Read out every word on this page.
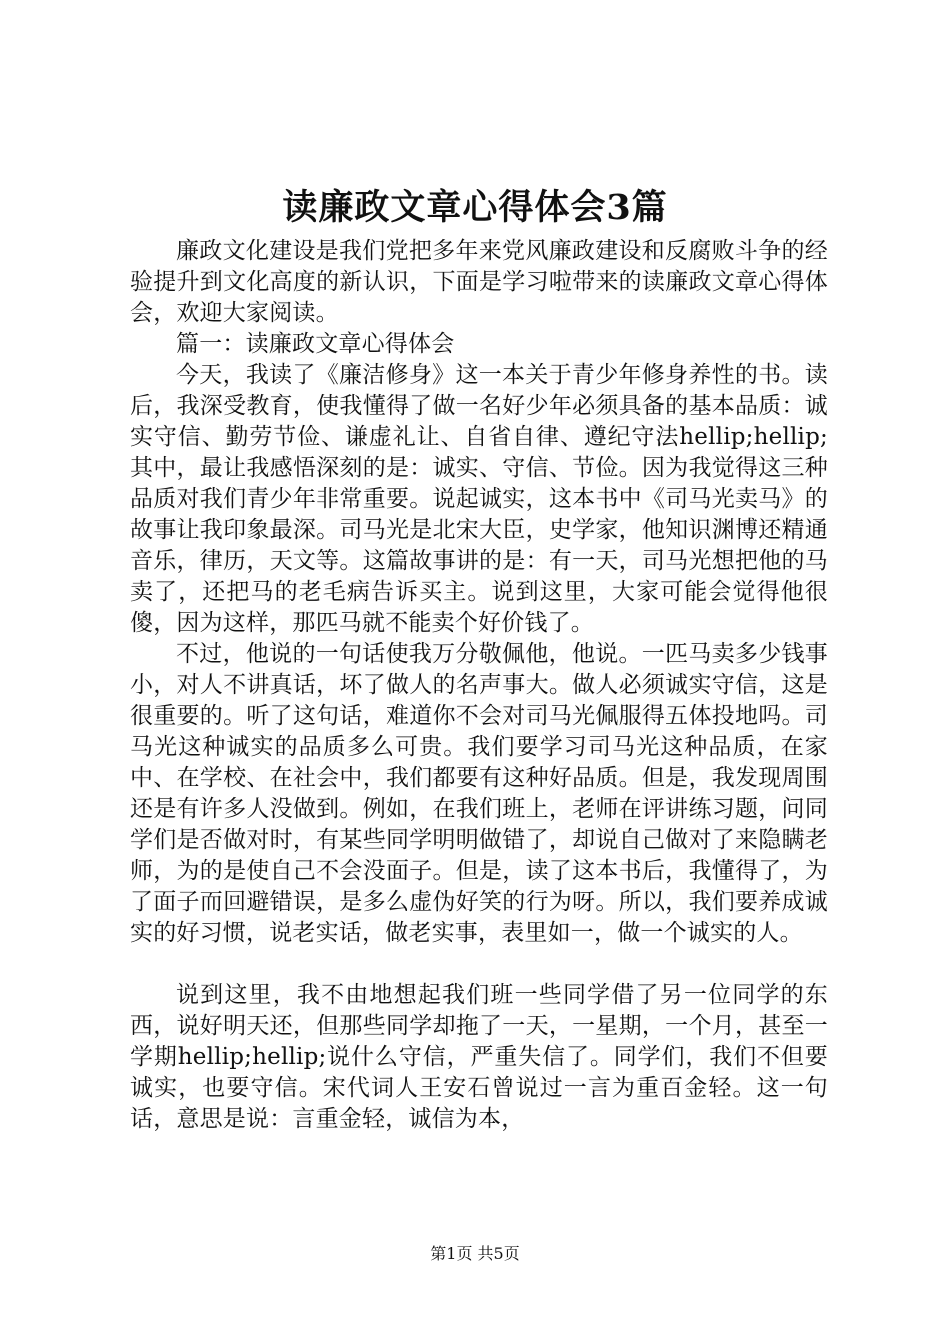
读廉政文章心得体会3篇

廉政文化建设是我们党把多年来党风廉政建设和反腐败斗争的经验提升到文化高度的新认识，下面是学习啦带来的读廉政文章心得体会，欢迎大家阅读。

篇一：读廉政文章心得体会

今天，我读了《廉洁修身》这一本关于青少年修身养性的书。读后，我深受教育，使我懂得了做一名好少年必须具备的基本品质：诚实守信、勤劳节俭、谦虚礼让、自省自律、遵纪守法hellip;hellip;其中，最让我感悟深刻的是：诚实、守信、节俭。因为我觉得这三种品质对我们青少年非常重要。说起诚实，这本书中《司马光卖马》的故事让我印象最深。司马光是北宋大臣，史学家，他知识渊博还精通音乐，律历，天文等。这篇故事讲的是：有一天，司马光想把他的马卖了，还把马的老毛病告诉买主。说到这里，大家可能会觉得他很傻，因为这样，那匹马就不能卖个好价钱了。

不过，他说的一句话使我万分敬佩他，他说。一匹马卖多少钱事小，对人不讲真话，坏了做人的名声事大。做人必须诚实守信，这是很重要的。听了这句话，难道你不会对司马光佩服得五体投地吗。司马光这种诚实的品质多么可贵。我们要学习司马光这种品质，在家中、在学校、在社会中，我们都要有这种好品质。但是，我发现周围还是有许多人没做到。例如，在我们班上，老师在评讲练习题，问同学们是否做对时，有某些同学明明做错了，却说自己做对了来隐瞒老师，为的是使自己不会没面子。但是，读了这本书后，我懂得了，为了面子而回避错误，是多么虚伪好笑的行为呀。所以，我们要养成诚实的好习惯，说老实话，做老实事，表里如一，做一个诚实的人。

说到这里，我不由地想起我们班一些同学借了另一位同学的东西，说好明天还，但那些同学却拖了一天，一星期，一个月，甚至一学期hellip;hellip;说什么守信，严重失信了。同学们，我们不但要诚实，也要守信。宋代词人王安石曾说过一言为重百金轻。这一句话，意思是说：言重金轻，诚信为本，

第1页 共5页
